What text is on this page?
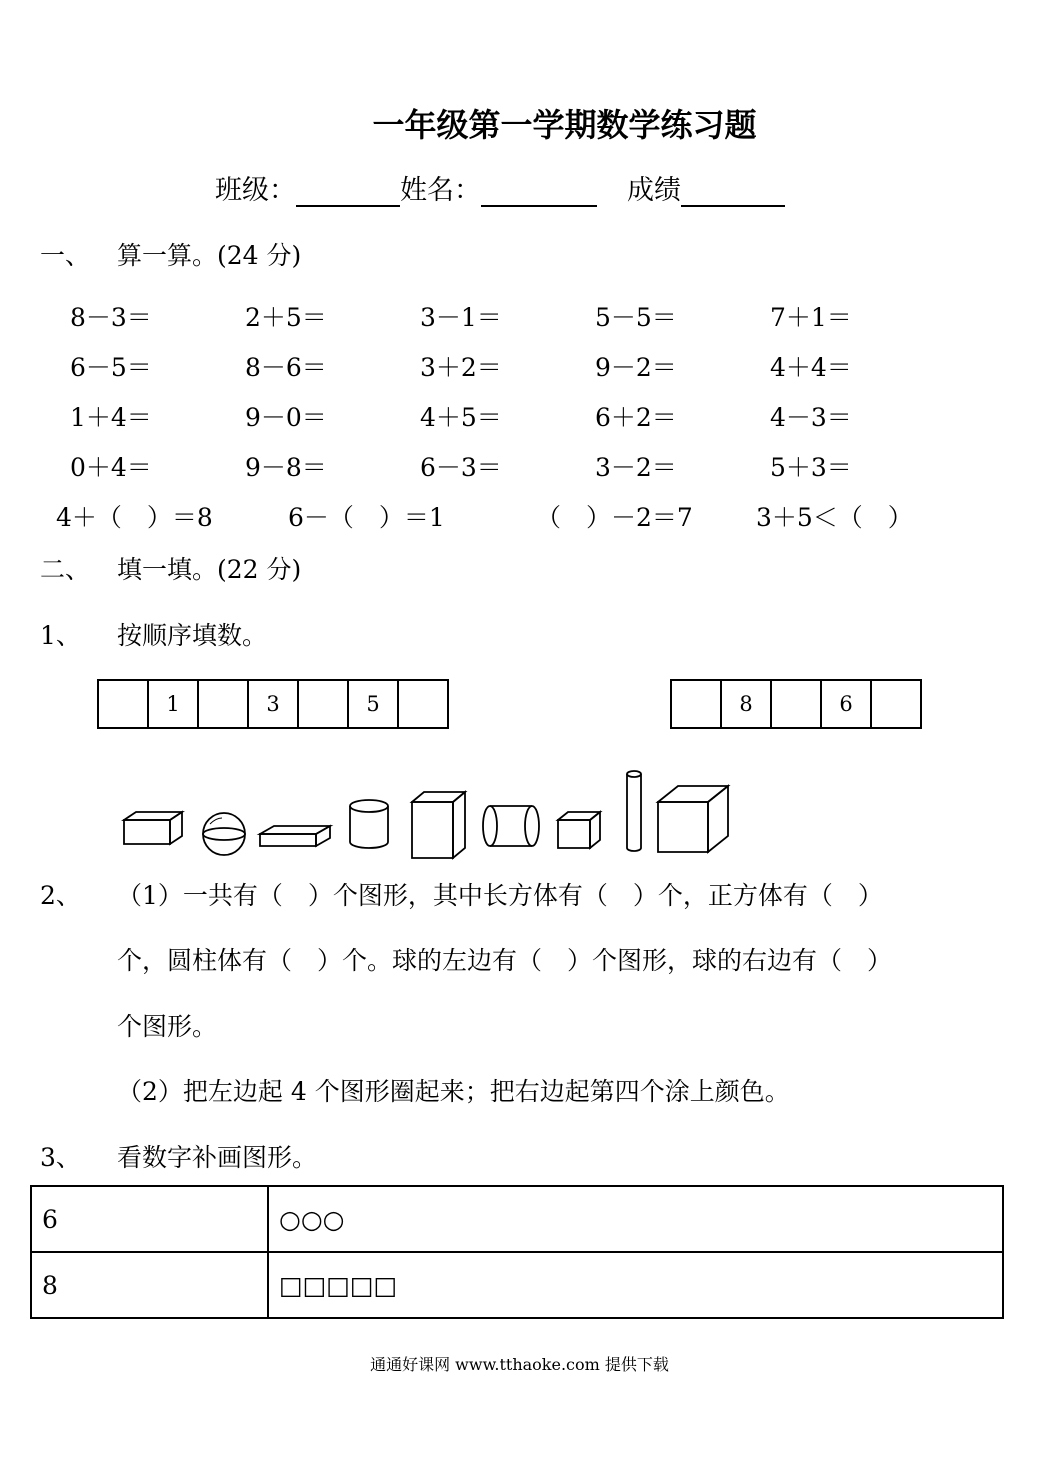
一年级第一学期数学练习题
班级：	姓名：	成绩
一、 算一算。(24 分)
8－3＝	2＋5＝	3－1＝	5－5＝	7＋1＝
6－5＝	8－6＝	3＋2＝	9－2＝	4＋4＝
1＋4＝	9－0＝	4＋5＝	6＋2＝	4－3＝
0＋4＝	9－8＝	6－3＝	3－2＝	5＋3＝
4＋（　）＝8	6－（　）＝1	（　）－2＝7	3＋5＜（　）
二、 填一填。(22 分)
1、 按顺序填数。
1	3	5	8	6
2、 （1）一共有（　）个图形，其中长方体有（　）个，正方体有（　）
个，圆柱体有（　）个。球的左边有（　）个图形，球的右边有（　）
个图形。
（2）把左边起 4 个图形圈起来；把右边起第四个涂上颜色。
3、 看数字补画图形。
6	○○○
8	□□□□□
通通好课网 www.tthaoke.com 提供下载
